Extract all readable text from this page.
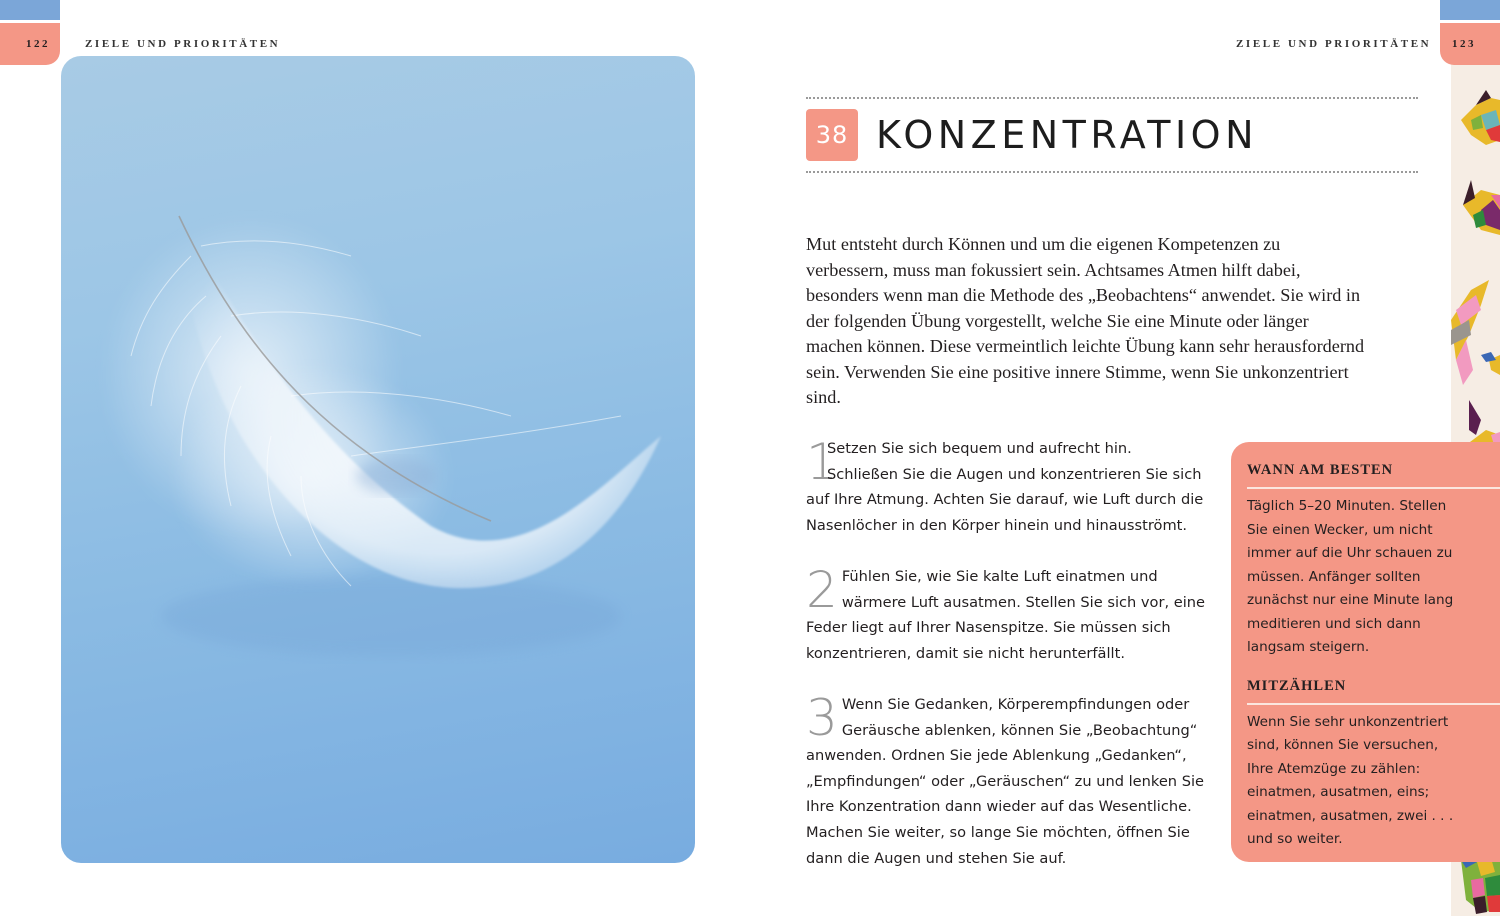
122	ZIELE UND PRIORITÄTEN	ZIELE UND PRIORITÄTEN 123
38 KONZENTRATION

Mut entsteht durch Können und um die eigenen Kompetenzen zu verbessern, muss man fokussiert sein. Achtsames Atmen hilft dabei, besonders wenn man die Methode des „Beobachtens“ anwendet. Sie wird in der folgenden Übung vorgestellt, welche Sie eine Minute oder länger machen können. Diese vermeintlich leichte Übung kann sehr herausfordernd sein. Verwenden Sie eine positive innere Stimme, wenn Sie unkonzentriert sind.

1
Setzen Sie sich bequem und aufrecht hin. Schließen Sie die Augen und konzentrieren Sie sich auf Ihre Atmung. Achten Sie darauf, wie Luft durch die Nasenlöcher in den Körper hinein und hinausströmt.
2 Fühlen Sie, wie Sie kalte Luft einatmen und wärmere Luft ausatmen. Stellen Sie sich vor, eine Feder liegt auf Ihrer Nasenspitze. Sie müssen sich konzentrieren, damit sie nicht herunterfällt.
3 Wenn Sie Gedanken, Körperempfindungen oder Geräusche ablenken, können Sie „Beobachtung“ anwenden. Ordnen Sie jede Ablenkung „Gedanken“, „Empfindungen“ oder „Geräuschen“ zu und lenken Sie Ihre Konzentration dann wieder auf das Wesentliche. Machen Sie weiter, so lange Sie möchten, öffnen Sie dann die Augen und stehen Sie auf.
WANN AM BESTEN

Täglich 5–20 Minuten. Stellen Sie einen Wecker, um nicht immer auf die Uhr schauen zu müssen. Anfänger sollten zunächst nur eine Minute lang meditieren und sich dann langsam steigern.

MITZÄHLEN

Wenn Sie sehr unkonzentriert sind, können Sie versuchen, Ihre Atemzüge zu zählen: einatmen, ausatmen, eins; einatmen, ausatmen, zwei . . . und so weiter.
